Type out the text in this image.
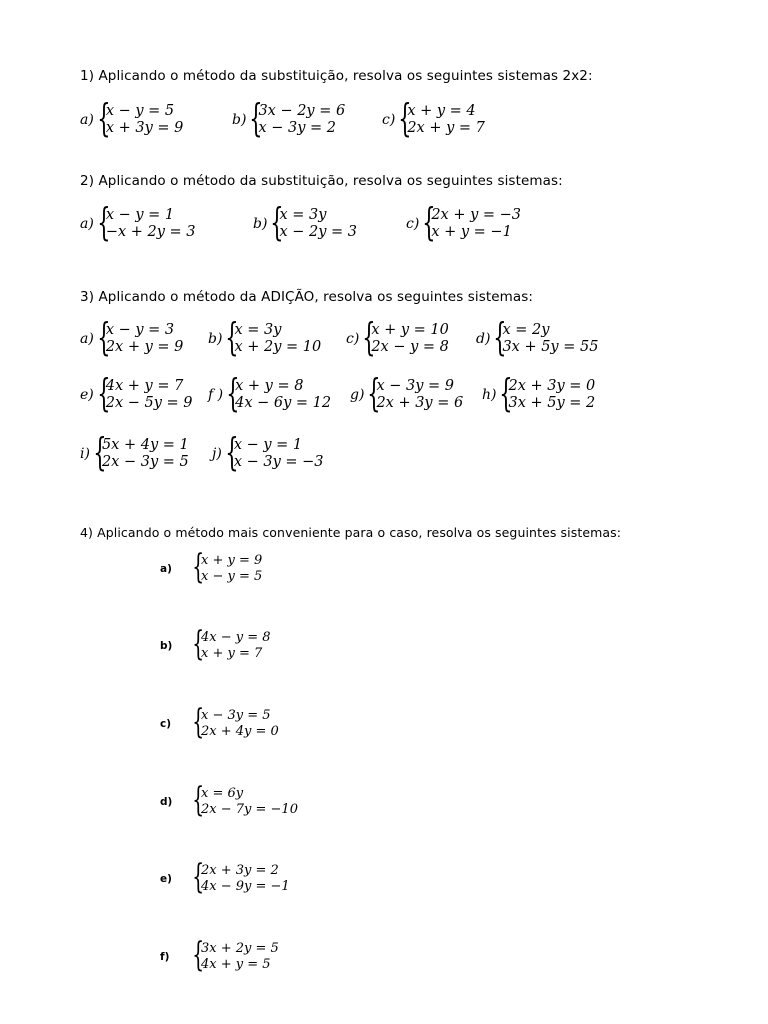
1) Aplicando o método da substituição, resolva os seguintes sistemas 2x2:
a) {
x − y = 5
x + 3y = 9	b) {
3x − 2y = 6
x − 3y = 2	c) {
x + y = 4
2x + y = 7
2) Aplicando o método da substituição, resolva os seguintes sistemas:
a) {
x − y = 1
−x + 2y = 3	b) {
x = 3y
x − 2y = 3	c) {
2x + y = −3
x + y = −1
3) Aplicando o método da ADIÇÃO, resolva os seguintes sistemas:
a) {
x − y = 3
2x + y = 9 b) {
x = 3y
x + 2y = 10 c) {
x + y = 10
2x − y = 8 d) {
x = 2y
3x + 5y = 55
e) {
4x + y = 7
2x − 5y = 9 f ) {
x + y = 8
4x − 6y = 12 g) {
x − 3y = 9
2x + 3y = 6 h) {
2x + 3y = 0
3x + 5y = 2
i) {
5x + 4y = 1
2x − 3y = 5 j) {
x − y = 1
x − 3y = −3
4) Aplicando o método mais conveniente para o caso, resolva os seguintes sistemas:
a) {
x + y = 9
x − y = 5
b) {
4x − y = 8
x + y = 7
c) {
x − 3y = 5
2x + 4y = 0
d) {
x = 6y
2x − 7y = −10
e) {
2x + 3y = 2
4x − 9y = −1
f) {
3x + 2y = 5
4x + y = 5
